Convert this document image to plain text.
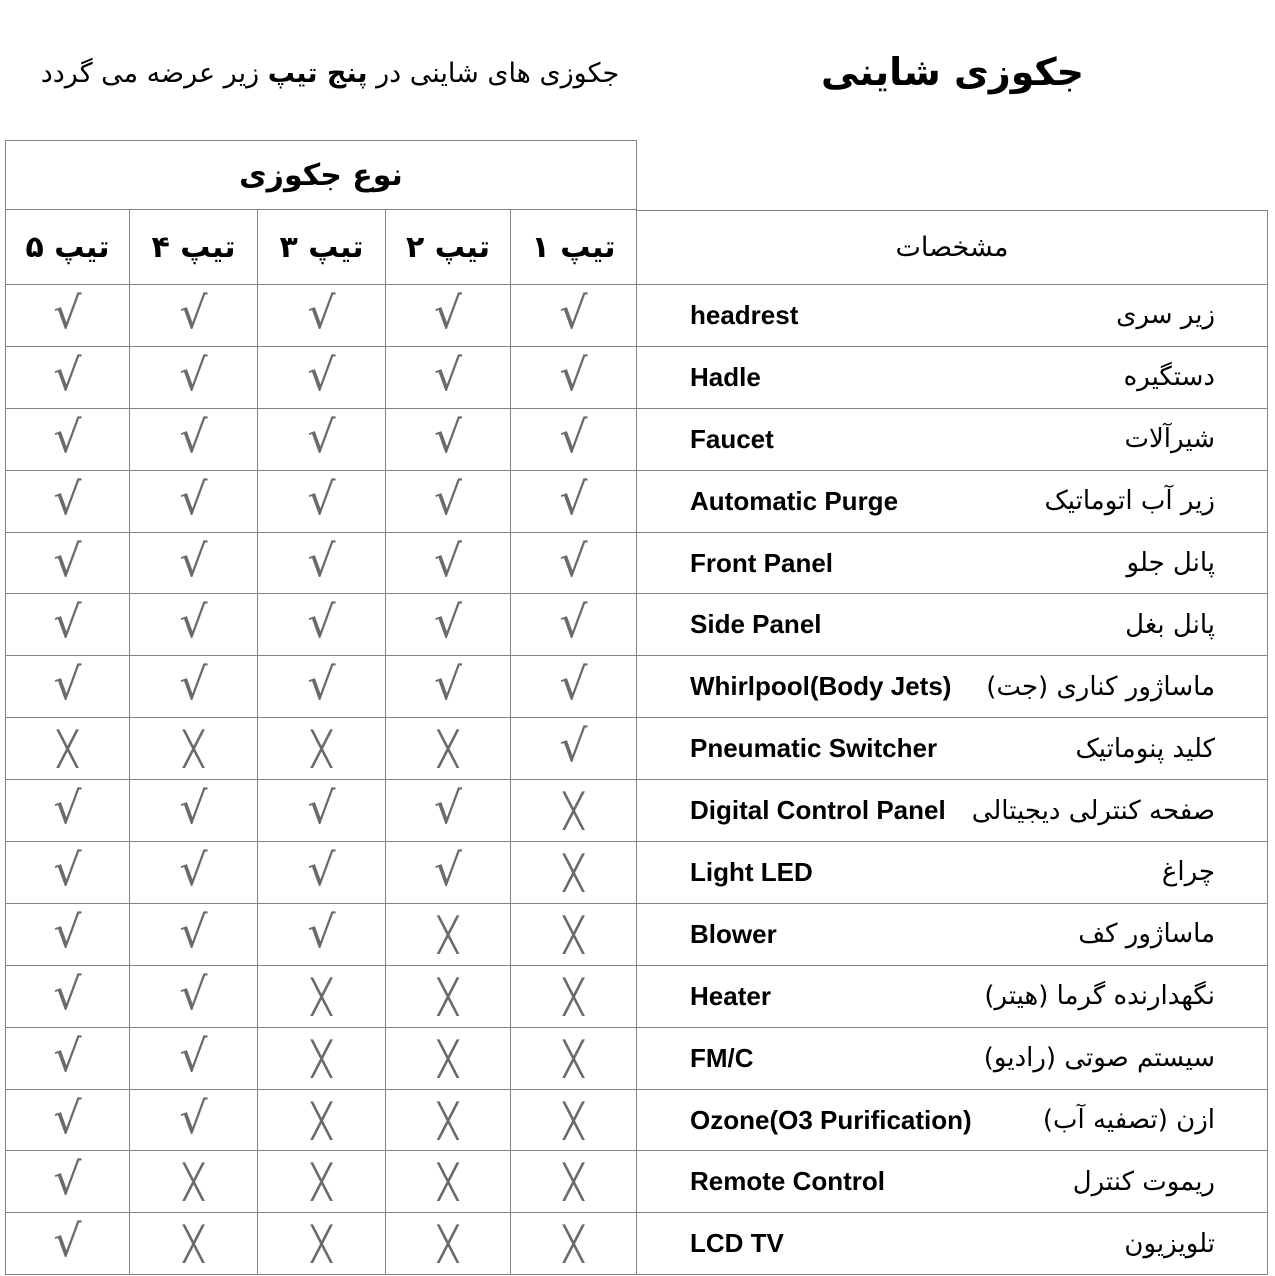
جکوزی شاینی
جکوزی های شاینی در پنج تیپ زیر عرضه می گردد
نوع جکوزی
تیپ ۵	تیپ ۴	تیپ ۳	تیپ ۲	تیپ ۱	مشخصات
√	√	√	√	√	headrest	زیر سری
√	√	√	√	√	Hadle	دستگیره
√	√	√	√	√	Faucet	شیرآلات
√	√	√	√	√	Automatic Purge	زیر آب اتوماتیک
√	√	√	√	√	Front Panel	پانل جلو
√	√	√	√	√	Side Panel	پانل بغل
√	√	√	√	√	Whirlpool(Body Jets) ماساژور کناری (جت)
╳	╳	╳	╳	√	Pneumatic Switcher	کلید پنوماتیک
√	√	√	√	╳	Digital Control Panel صفحه کنترلی دیجیتالی
√	√	√	√	╳	Light LED	چراغ
√	√	√	╳	╳	Blower	ماساژور کف
√	√	╳	╳	╳	Heater	نگهدارنده گرما (هیتر)
√	√	╳	╳	╳	FM/C	سیستم صوتی (رادیو)
√	√	╳	╳	╳	Ozone(O3 Purification)	ازن (تصفیه آب)
√	╳	╳	╳	╳	Remote Control	ریموت کنترل
√	╳	╳	╳	╳	LCD TV	تلویزیون
